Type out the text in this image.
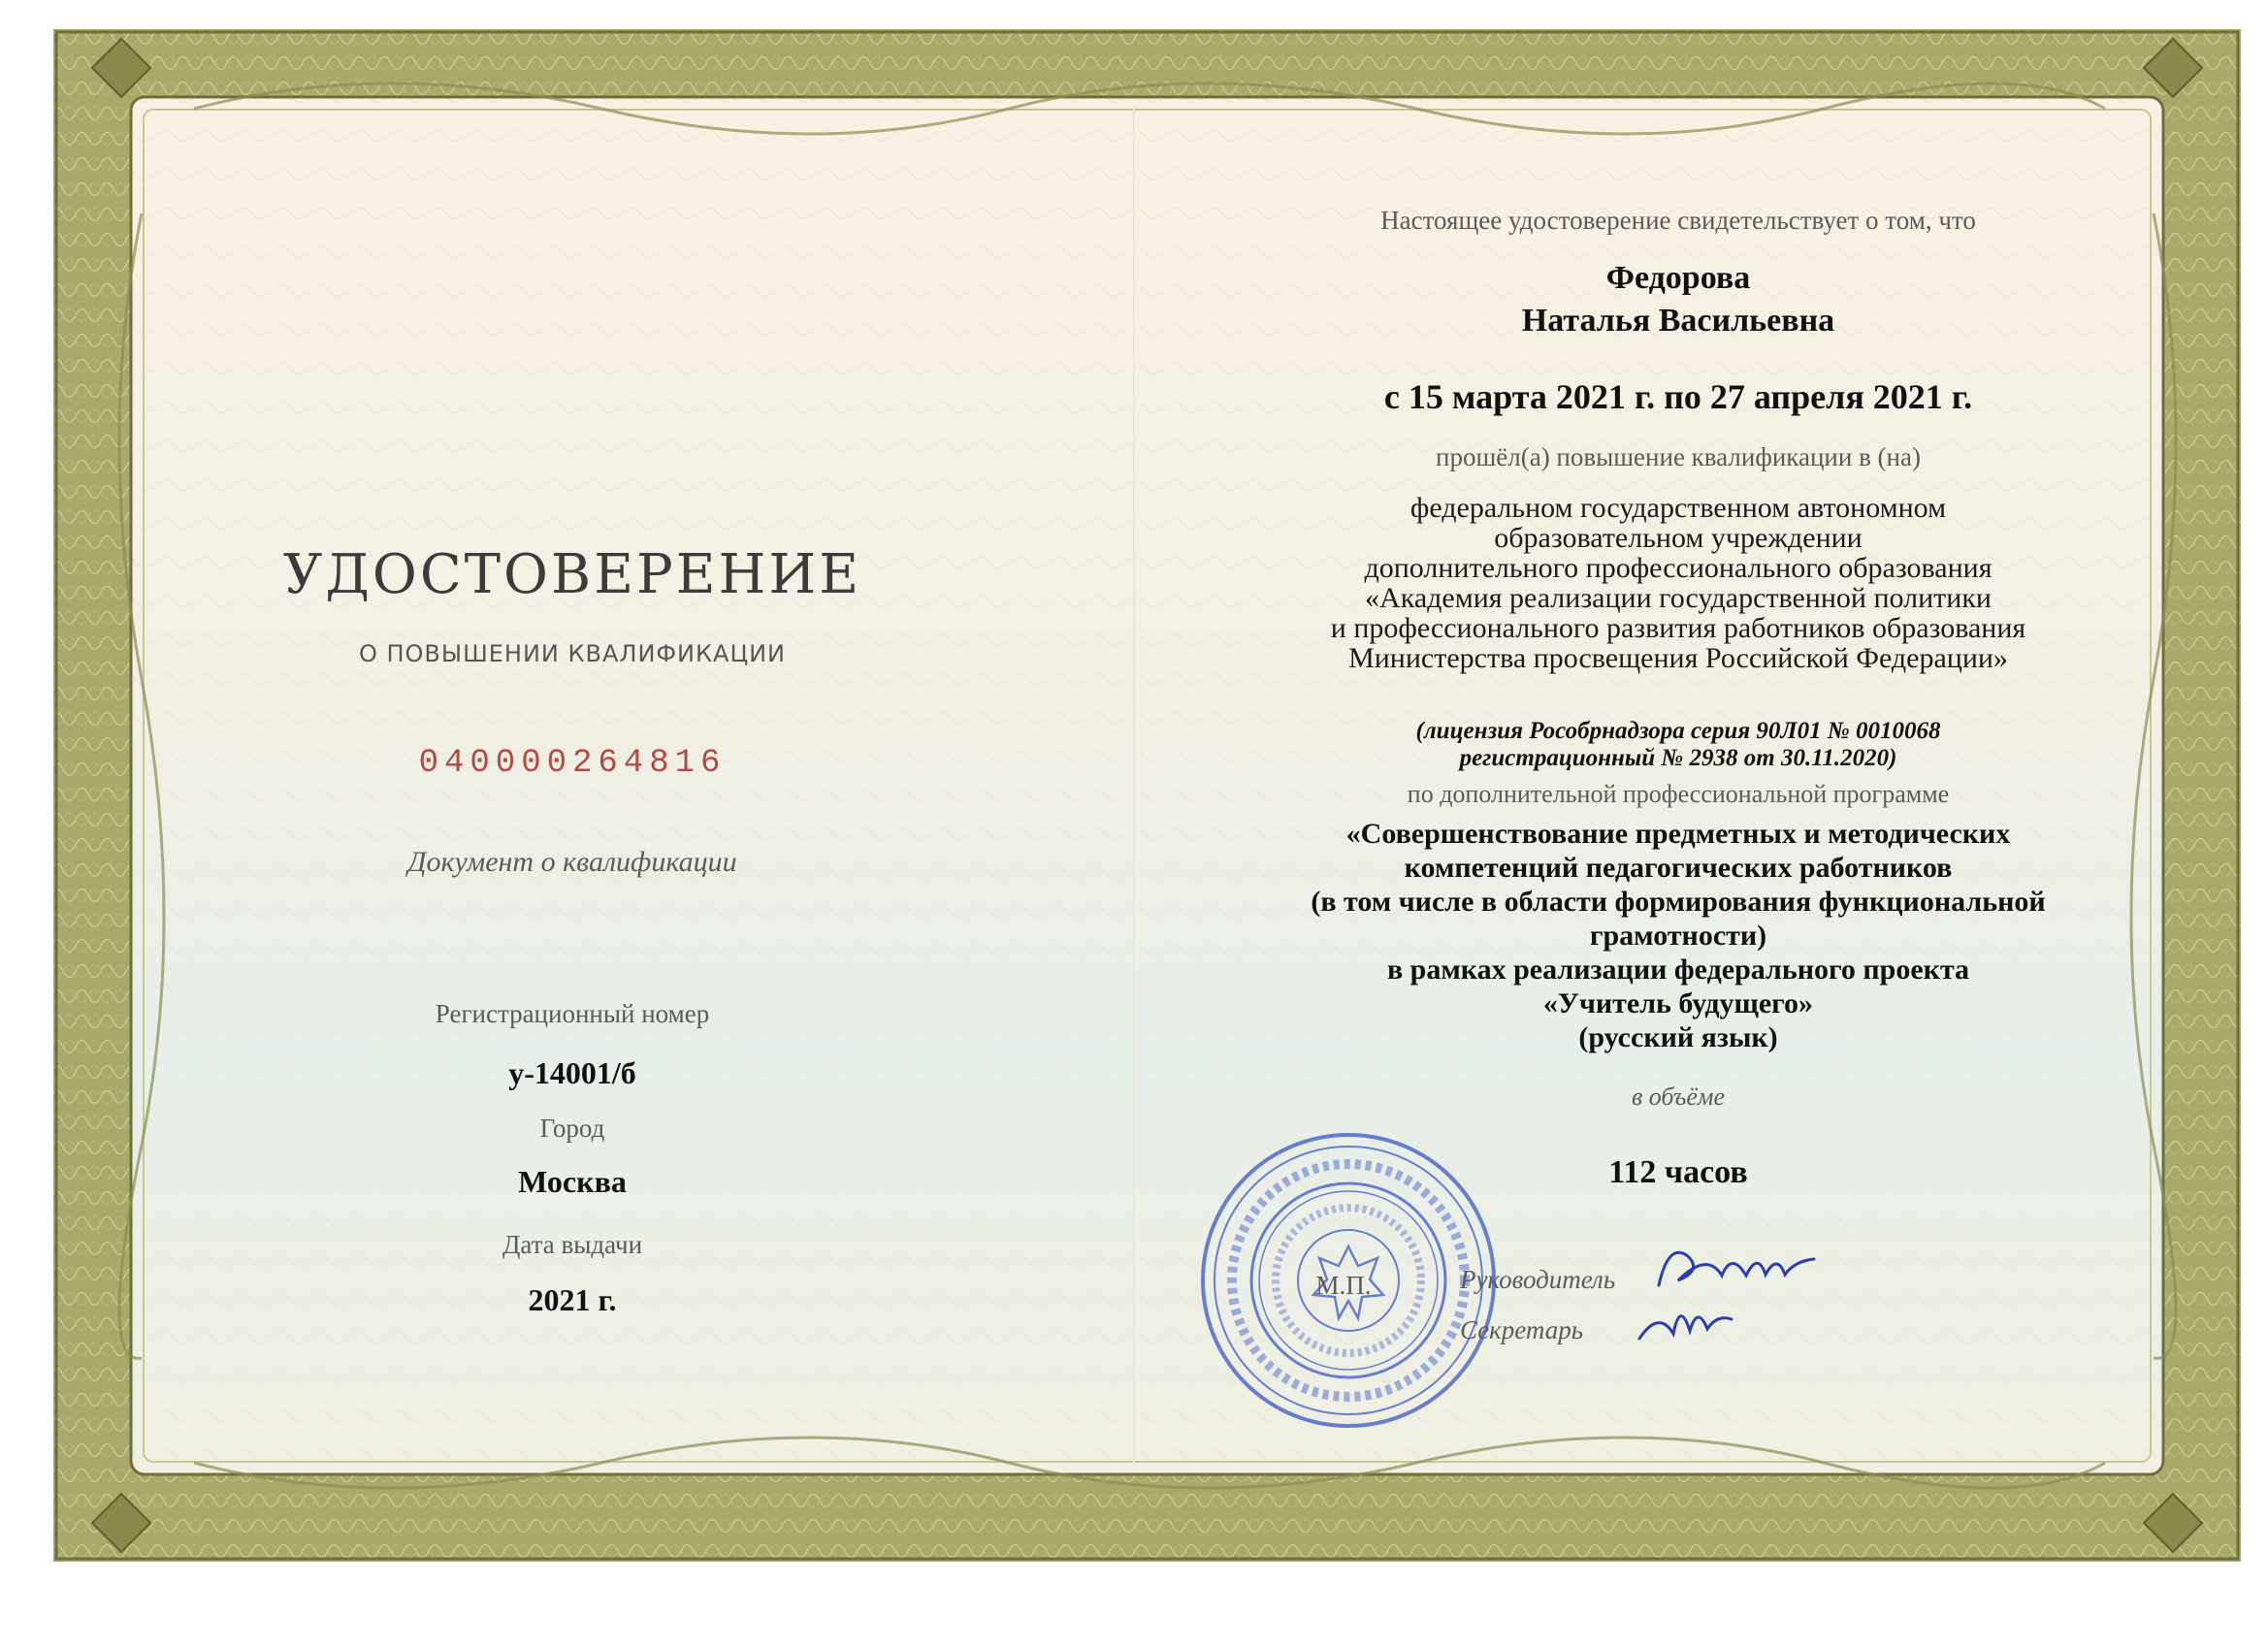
УДОСТОВЕРЕНИЕ
О ПОВЫШЕНИИ КВАЛИФИКАЦИИ
040000264816
Документ о квалификации
Регистрационный номер
у-14001/б
Город
Москва
Дата выдачи
2021 г.
Настоящее удостоверение свидетельствует о том, что
Федорова
Наталья Васильевна
с 15 марта 2021 г. по 27 апреля 2021 г.
прошёл(а) повышение квалификации в (на)
федеральном государственном автономном
образовательном учреждении
дополнительного профессионального образования
«Академия реализации государственной политики
и профессионального развития работников образования
Министерства просвещения Российской Федерации»
(лицензия Рособрнадзора серия 90Л01 № 0010068
регистрационный № 2938 от 30.11.2020)
по дополнительной профессиональной программе
«Совершенствование предметных и методических
компетенций педагогических работников
(в том числе в области формирования функциональной
грамотности)
в рамках реализации федерального проекта
«Учитель будущего»
(русский язык)
в объёме
112 часов
М.П.	Руководитель
Секретарь
